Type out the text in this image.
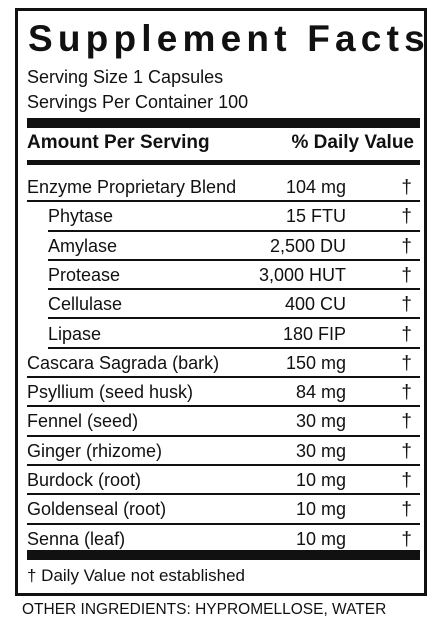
Supplement Facts
Serving Size 1 Capsules
Servings Per Container 100
Amount Per Serving	% Daily Value
Enzyme Proprietary Blend	104 mg	†
Phytase	15 FTU	†
Amylase	2,500 DU	†
Protease	3,000 HUT	†
Cellulase	400 CU	†
Lipase	180 FIP	†
Cascara Sagrada (bark)	150 mg	†
Psyllium (seed husk)	84 mg	†
Fennel (seed)	30 mg	†
Ginger (rhizome)	30 mg	†
Burdock (root)	10 mg	†
Goldenseal (root)	10 mg	†
Senna (leaf)	10 mg	†
† Daily Value not established
OTHER INGREDIENTS: HYPROMELLOSE, WATER
